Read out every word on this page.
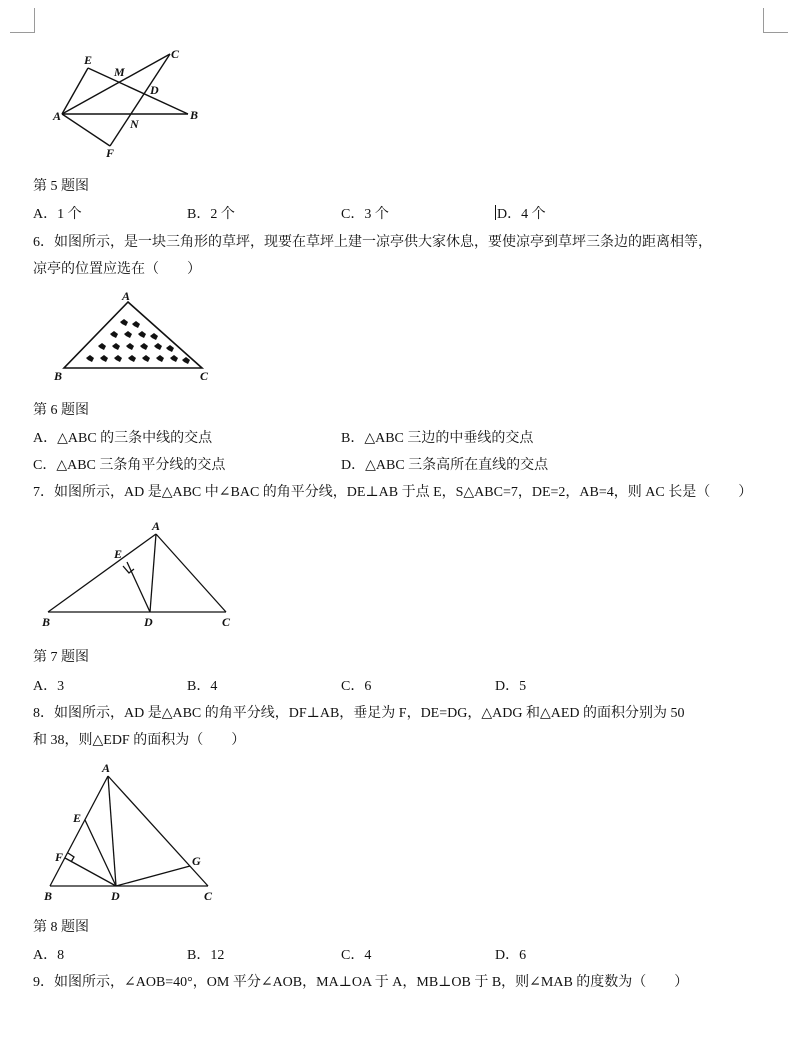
E
M
C
D
A	B
N
F
第 5 题图
A．1 个	B．2 个	C．3 个	D．4 个
6．如图所示，是一块三角形的草坪，现要在草坪上建一凉亭供大家休息，要使凉亭到草坪三条边的距离相等，
凉亭的位置应选在（　　）
A
B	C
第 6 题图
A．△ABC 的三条中线的交点	B．△ABC 三边的中垂线的交点
C．△ABC 三条角平分线的交点	D．△ABC 三条高所在直线的交点
7．如图所示，AD 是△ABC 中∠BAC 的角平分线，DE⊥AB 于点 E，S△ABC=7，DE=2，AB=4，则 AC 长是（　　）
A
E
B	D	C
第 7 题图
A．3	B．4	C．6	D．5
8．如图所示，AD 是△ABC 的角平分线，DF⊥AB，垂足为 F，DE=DG，△ADG 和△AED 的面积分别为 50
和 38，则△EDF 的面积为（　　）
A
E
F	G
B	D	C
第 8 题图
A．8	B．12	C．4	D．6
9．如图所示，∠AOB=40°，OM 平分∠AOB，MA⊥OA 于 A，MB⊥OB 于 B，则∠MAB 的度数为（　　）
